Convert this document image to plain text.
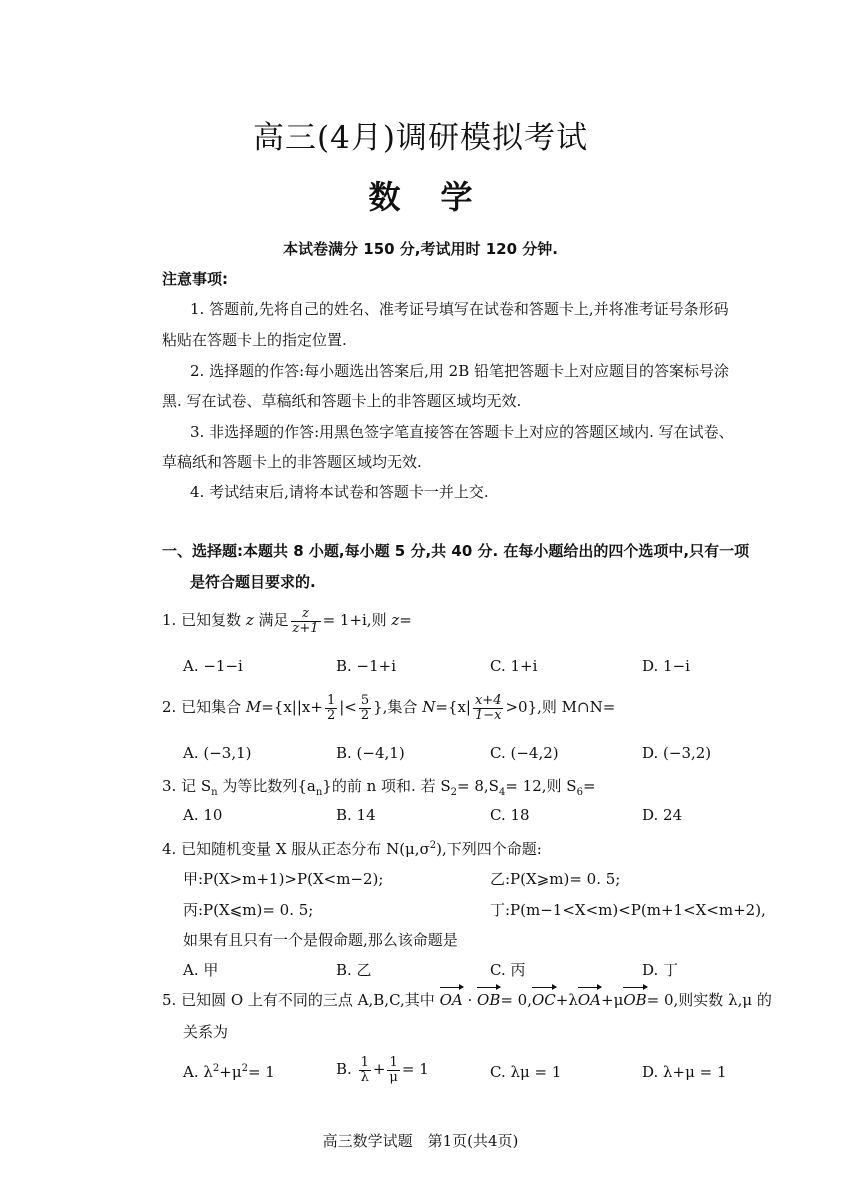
高三(4月)调研模拟考试
数 学
本试卷满分 150 分,考试用时 120 分钟.
注意事项:
1. 答题前,先将自己的姓名、准考证号填写在试卷和答题卡上,并将准考证号条形码
粘贴在答题卡上的指定位置.
2. 选择题的作答:每小题选出答案后,用 2B 铅笔把答题卡上对应题目的答案标号涂
黑. 写在试卷、草稿纸和答题卡上的非答题区域均无效.
3. 非选择题的作答:用黑色签字笔直接答在答题卡上对应的答题区域内. 写在试卷、
草稿纸和答题卡上的非答题区域均无效.
4. 考试结束后,请将本试卷和答题卡一并上交.
一、选择题:本题共 8 小题,每小题 5 分,共 40 分. 在每小题给出的四个选项中,只有一项
是符合题目要求的.
1. 已知复数 z 满足 $\frac{z}{z+1} = 1+i$,则 z=
A. −1−i	B. −1+i	C. 1+i	D. 1−i
2. 已知集合 $M=\{x||x+ \frac{1}{2}$ |< $\frac{5}{2}$ },集合 $N=\{x| \frac{x+4}{1-x} >0\}$,则 M∩N=
A. (−3,1)	B. (−4,1)	C. (−4,2)	D. (−3,2)
3. 记 $S_n$ 为等比数列$\{a_n\}$的前 n 项和. 若 $S_2= 8,S_4= 12$,则 $S_6=$
A. 10	B. 14	C. 18	D. 24
4. 已知随机变量 X 服从正态分布 $N(\mu,\sigma^2)$,下列四个命题:
甲:P(X>m+1)>P(X<m−2);	乙:P(X⩾m)= 0. 5;
丙:P(X⩽m)= 0. 5;	丁:P(m−1<X<m)<P(m+1<X<m+2),
如果有且只有一个是假命题,那么该命题是
A. 甲	B. 乙	C. 丙	D. 丁
5. 已知圆 O 上有不同的三点 A,B,C,其中 OA · OB= 0,OC+λOA+μOB= 0,则实数 λ,μ 的
关系为
A. $\lambda^2+\mu^2= 1$	B. $\frac{1}{\lambda} + \frac{1}{\mu} = 1$	C. λμ = 1	D. λ+μ = 1
高三数学试题　第1页(共4页)
